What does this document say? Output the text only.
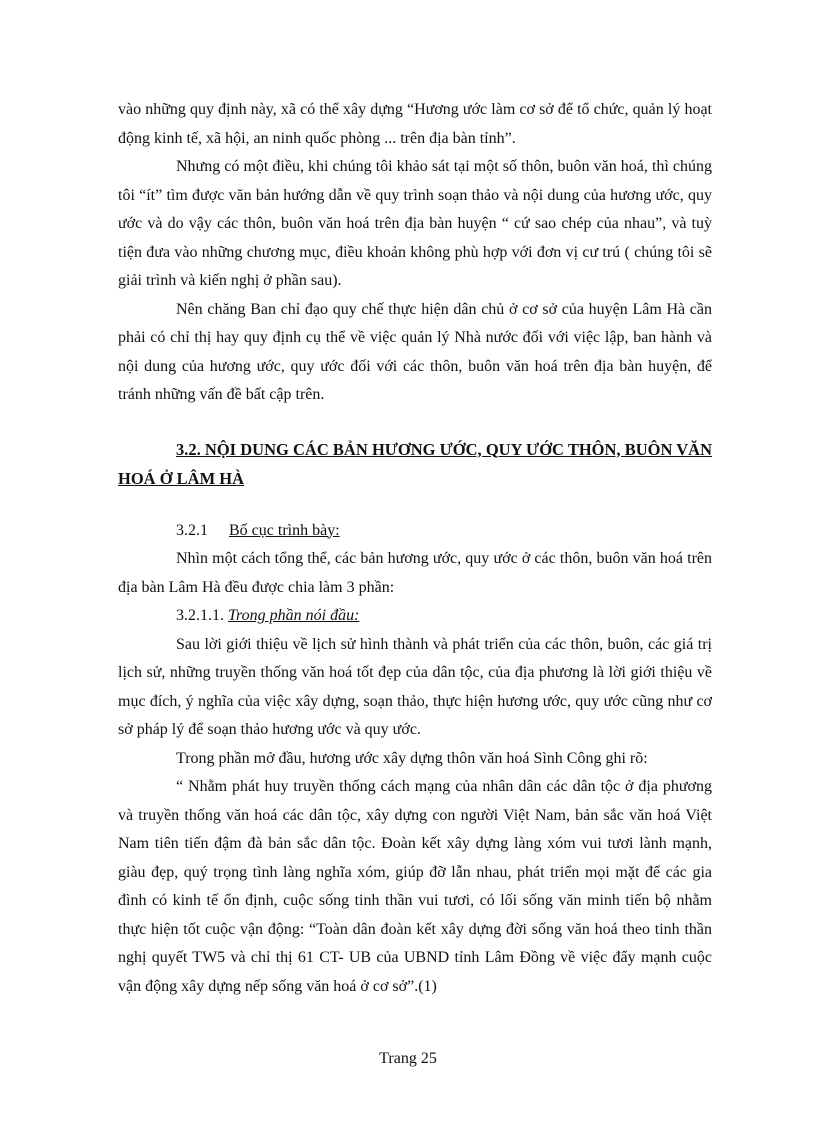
vào những quy định này, xã có thể xây dựng “Hương ước làm cơ sở để tổ chức, quản lý hoạt động kinh tế, xã hội, an ninh quốc phòng ... trên địa bàn tỉnh”.

Nhưng có một điều, khi chúng tôi khảo sát tại một số thôn, buôn văn hoá, thì chúng tôi “ít” tìm được văn bản hướng dẫn về quy trình soạn thảo và nội dung của hương ước, quy ước và do vậy các thôn, buôn văn hoá trên địa bàn huyện “ cứ sao chép của nhau”, và tuỳ tiện đưa vào những chương mục, điều khoản không phù hợp với đơn vị cư trú ( chúng tôi sẽ giải trình và kiến nghị ở phần sau).

Nên chăng Ban chỉ đạo quy chế thực hiện dân chủ ở cơ sở của huyện Lâm Hà cần phải có chỉ thị hay quy định cụ thể về việc quản lý Nhà nước đối với việc lập, ban hành và nội dung của hương ước, quy ước đối với các thôn, buôn văn hoá trên địa bàn huyện, để tránh những vấn đề bất cập trên.

3.2. NỘI DUNG CÁC BẢN HƯƠNG ƯỚC, QUY ƯỚC THÔN, BUÔN VĂN HOÁ Ở LÂM HÀ

3.2.1 Bố cục trình bày:

Nhìn một cách tổng thể, các bản hương ước, quy ước ở các thôn, buôn văn hoá trên địa bàn Lâm Hà đều được chia làm 3 phần:

3.2.1.1. Trong phần nói đầu:

Sau lời giới thiệu về lịch sử hình thành và phát triển của các thôn, buôn, các giá trị lịch sử, những truyền thống văn hoá tốt đẹp của dân tộc, của địa phương là lời giới thiệu về mục đích, ý nghĩa của việc xây dựng, soạn thảo, thực hiện hương ước, quy ước cũng như cơ sở pháp lý để soạn thảo hương ước và quy ước.

Trong phần mở đầu, hương ước xây dựng thôn văn hoá Sình Công ghi rõ:

“ Nhằm phát huy truyền thống cách mạng của nhân dân các dân tộc ở địa phương và truyền thống văn hoá các dân tộc, xây dựng con người Việt Nam, bản sắc văn hoá Việt Nam tiên tiến đậm đà bản sắc dân tộc. Đoàn kết xây dựng làng xóm vui tươi lành mạnh, giàu đẹp, quý trọng tình làng nghĩa xóm, giúp đỡ lẫn nhau, phát triển mọi mặt để các gia đình có kinh tế ổn định, cuộc sống tinh thần vui tươi, có lối sống văn minh tiến bộ nhằm thực hiện tốt cuộc vận động: “Toàn dân đoàn kết xây dựng đời sống văn hoá theo tinh thần nghị quyết TW5 và chỉ thị 61 CT- UB của UBND tỉnh Lâm Đồng về việc đẩy mạnh cuộc vận động xây dựng nếp sống văn hoá ở cơ sở”.(1)

Trang 25
